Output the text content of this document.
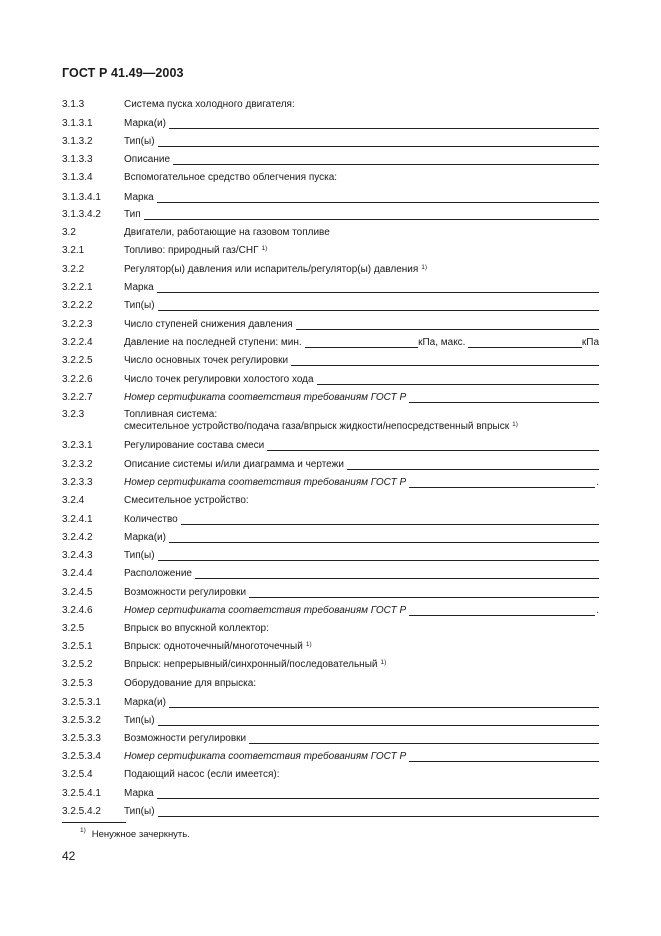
ГОСТ Р 41.49—2003
3.1.3	Система пуска холодного двигателя:
3.1.3.1	Марка(и)
3.1.3.2	Тип(ы)
3.1.3.3	Описание
3.1.3.4	Вспомогательное средство облегчения пуска:
3.1.3.4.1	Марка
3.1.3.4.2	Тип
3.2	Двигатели, работающие на газовом топливе
3.2.1	Топливо: природный газ/СНГ $^{1)}$
3.2.2	Регулятор(ы) давления или испаритель/регулятор(ы) давления $^{1)}$
3.2.2.1	Марка
3.2.2.2	Тип(ы)
3.2.2.3	Число ступеней снижения давления
3.2.2.4	Давление на последней ступени: мин.	кПа, макс.	кПа
3.2.2.5	Число основных точек регулировки
3.2.2.6	Число точек регулировки холостого хода
3.2.2.7	Номер сертификата соответствия требованиям ГОСТ Р
3.2.3	Топливная система:
смесительное устройство/подача газа/впрыск жидкости/непосредственный впрыск $^{1)}$
3.2.3.1	Регулирование состава смеси
3.2.3.2	Описание системы и/или диаграмма и чертежи
3.2.3.3	Номер сертификата соответствия требованиям ГОСТ Р	.
3.2.4	Смесительное устройство:
3.2.4.1	Количество
3.2.4.2	Марка(и)
3.2.4.3	Тип(ы)
3.2.4.4	Расположение
3.2.4.5	Возможности регулировки
3.2.4.6	Номер сертификата соответствия требованиям ГОСТ Р	.
3.2.5	Впрыск во впускной коллектор:
3.2.5.1	Впрыск: одноточечный/многоточечный $^{1)}$
3.2.5.2	Впрыск: непрерывный/синхронный/последовательный $^{1)}$
3.2.5.3	Оборудование для впрыска:
3.2.5.3.1	Марка(и)
3.2.5.3.2	Тип(ы)
3.2.5.3.3	Возможности регулировки
3.2.5.3.4	Номер сертификата соответствия требованиям ГОСТ Р
3.2.5.4	Подающий насос (если имеется):
3.2.5.4.1	Марка
3.2.5.4.2	Тип(ы)
$^{1)}$ Ненужное зачеркнуть.
42
